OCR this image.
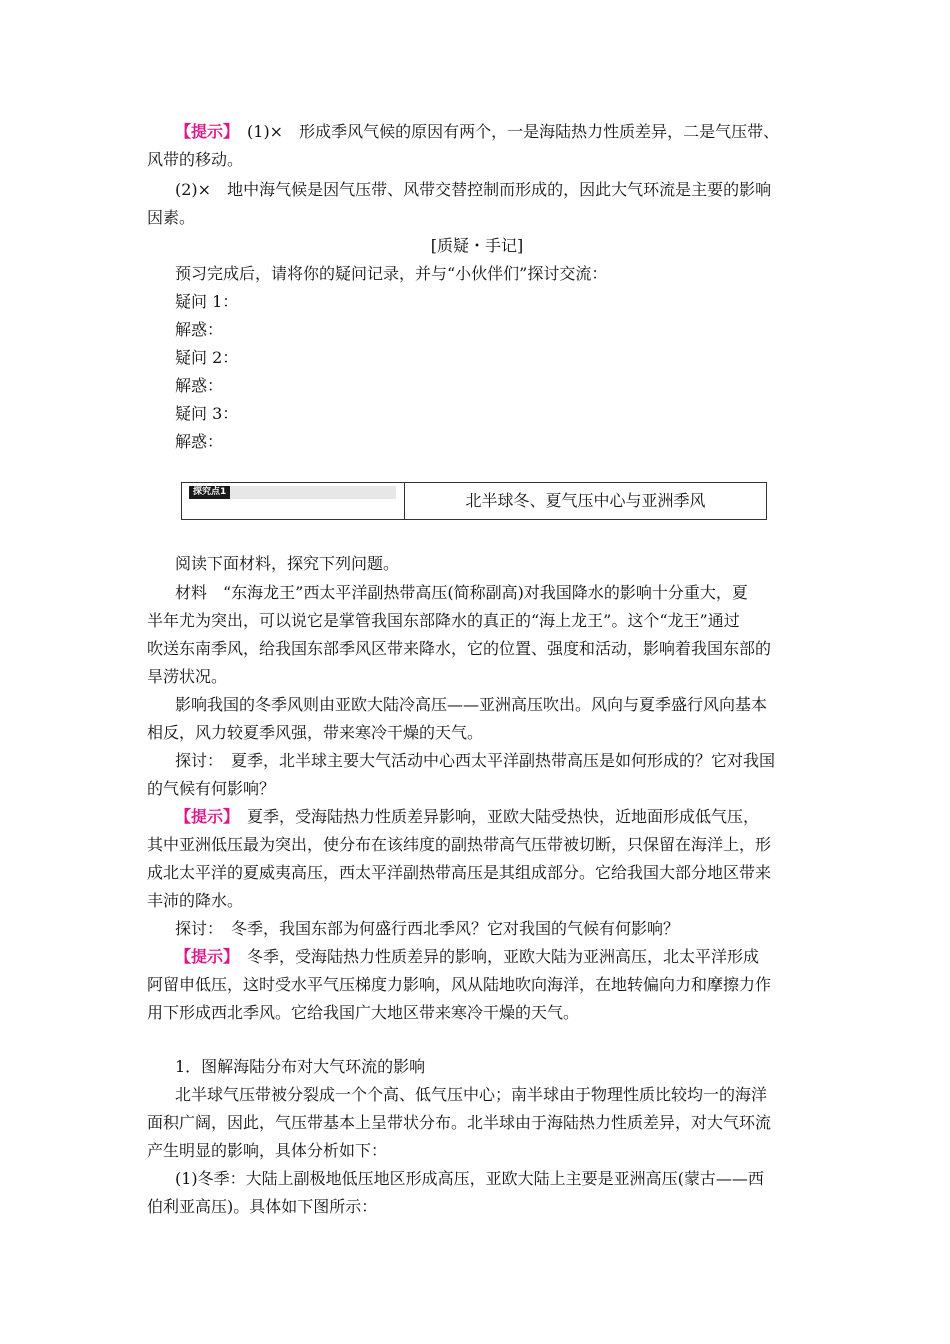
【提示】　(1)×　形成季风气候的原因有两个，一是海陆热力性质差异，二是气压带、
风带的移动。
(2)×　地中海气候是因气压带、风带交替控制而形成的，因此大气环流是主要的影响
因素。
[质疑・手记]
预习完成后，请将你的疑问记录，并与“小伙伴们”探讨交流：
疑问 1：
解惑：
疑问 2：
解惑：
疑问 3：
解惑：
探究点1	北半球冬、夏气压中心与亚洲季风
阅读下面材料，探究下列问题。
材料　“东海龙王”西太平洋副热带高压(简称副高)对我国降水的影响十分重大，夏
半年尤为突出，可以说它是掌管我国东部降水的真正的“海上龙王”。这个“龙王”通过
吹送东南季风，给我国东部季风区带来降水，它的位置、强度和活动，影响着我国东部的
旱涝状况。
影响我国的冬季风则由亚欧大陆冷高压——亚洲高压吹出。风向与夏季盛行风向基本
相反，风力较夏季风强，带来寒冷干燥的天气。
探讨：　夏季，北半球主要大气活动中心西太平洋副热带高压是如何形成的？它对我国
的气候有何影响？
【提示】　夏季，受海陆热力性质差异影响，亚欧大陆受热快，近地面形成低气压，
其中亚洲低压最为突出，使分布在该纬度的副热带高气压带被切断，只保留在海洋上，形
成北太平洋的夏威夷高压，西太平洋副热带高压是其组成部分。它给我国大部分地区带来
丰沛的降水。
探讨：　冬季，我国东部为何盛行西北季风？它对我国的气候有何影响？
【提示】　冬季，受海陆热力性质差异的影响，亚欧大陆为亚洲高压，北太平洋形成
阿留申低压，这时受水平气压梯度力影响，风从陆地吹向海洋，在地转偏向力和摩擦力作
用下形成西北季风。它给我国广大地区带来寒冷干燥的天气。
1．图解海陆分布对大气环流的影响
北半球气压带被分裂成一个个高、低气压中心；南半球由于物理性质比较均一的海洋
面积广阔，因此，气压带基本上呈带状分布。北半球由于海陆热力性质差异，对大气环流
产生明显的影响，具体分析如下：
(1)冬季：大陆上副极地低压地区形成高压，亚欧大陆上主要是亚洲高压(蒙古——西
伯利亚高压)。具体如下图所示：
